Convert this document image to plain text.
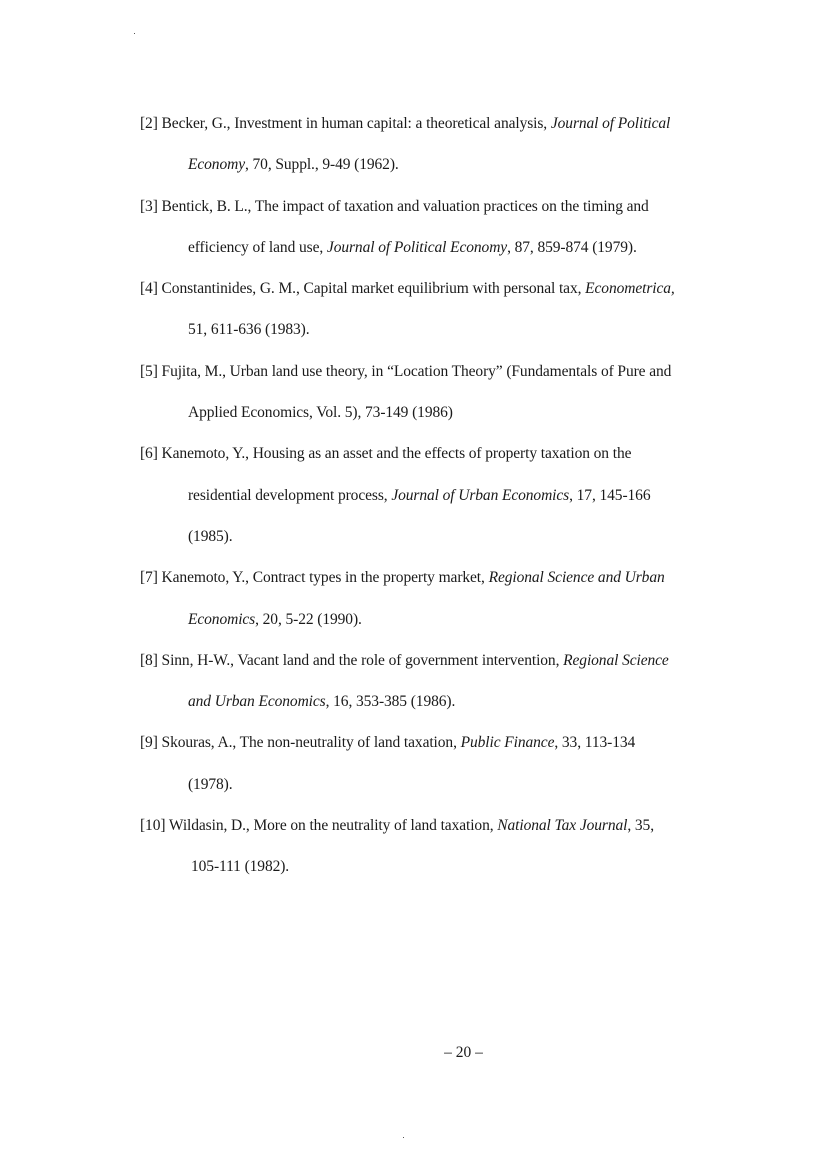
[2] Becker, G., Investment in human capital: a theoretical analysis, Journal of Political
Economy, 70, Suppl., 9-49 (1962).
[3] Bentick, B. L., The impact of taxation and valuation practices on the timing and
efficiency of land use, Journal of Political Economy, 87, 859-874 (1979).
[4] Constantinides, G. M., Capital market equilibrium with personal tax, Econometrica,
51, 611-636 (1983).
[5] Fujita, M., Urban land use theory, in “Location Theory” (Fundamentals of Pure and
Applied Economics, Vol. 5), 73-149 (1986)
[6] Kanemoto, Y., Housing as an asset and the effects of property taxation on the
residential development process, Journal of Urban Economics, 17, 145-166
(1985).
[7] Kanemoto, Y., Contract types in the property market, Regional Science and Urban
Economics, 20, 5-22 (1990).
[8] Sinn, H-W., Vacant land and the role of government intervention, Regional Science
and Urban Economics, 16, 353-385 (1986).
[9] Skouras, A., The non-neutrality of land taxation, Public Finance, 33, 113-134
(1978).
[10] Wildasin, D., More on the neutrality of land taxation, National Tax Journal, 35,
105-111 (1982).
– 20 –
